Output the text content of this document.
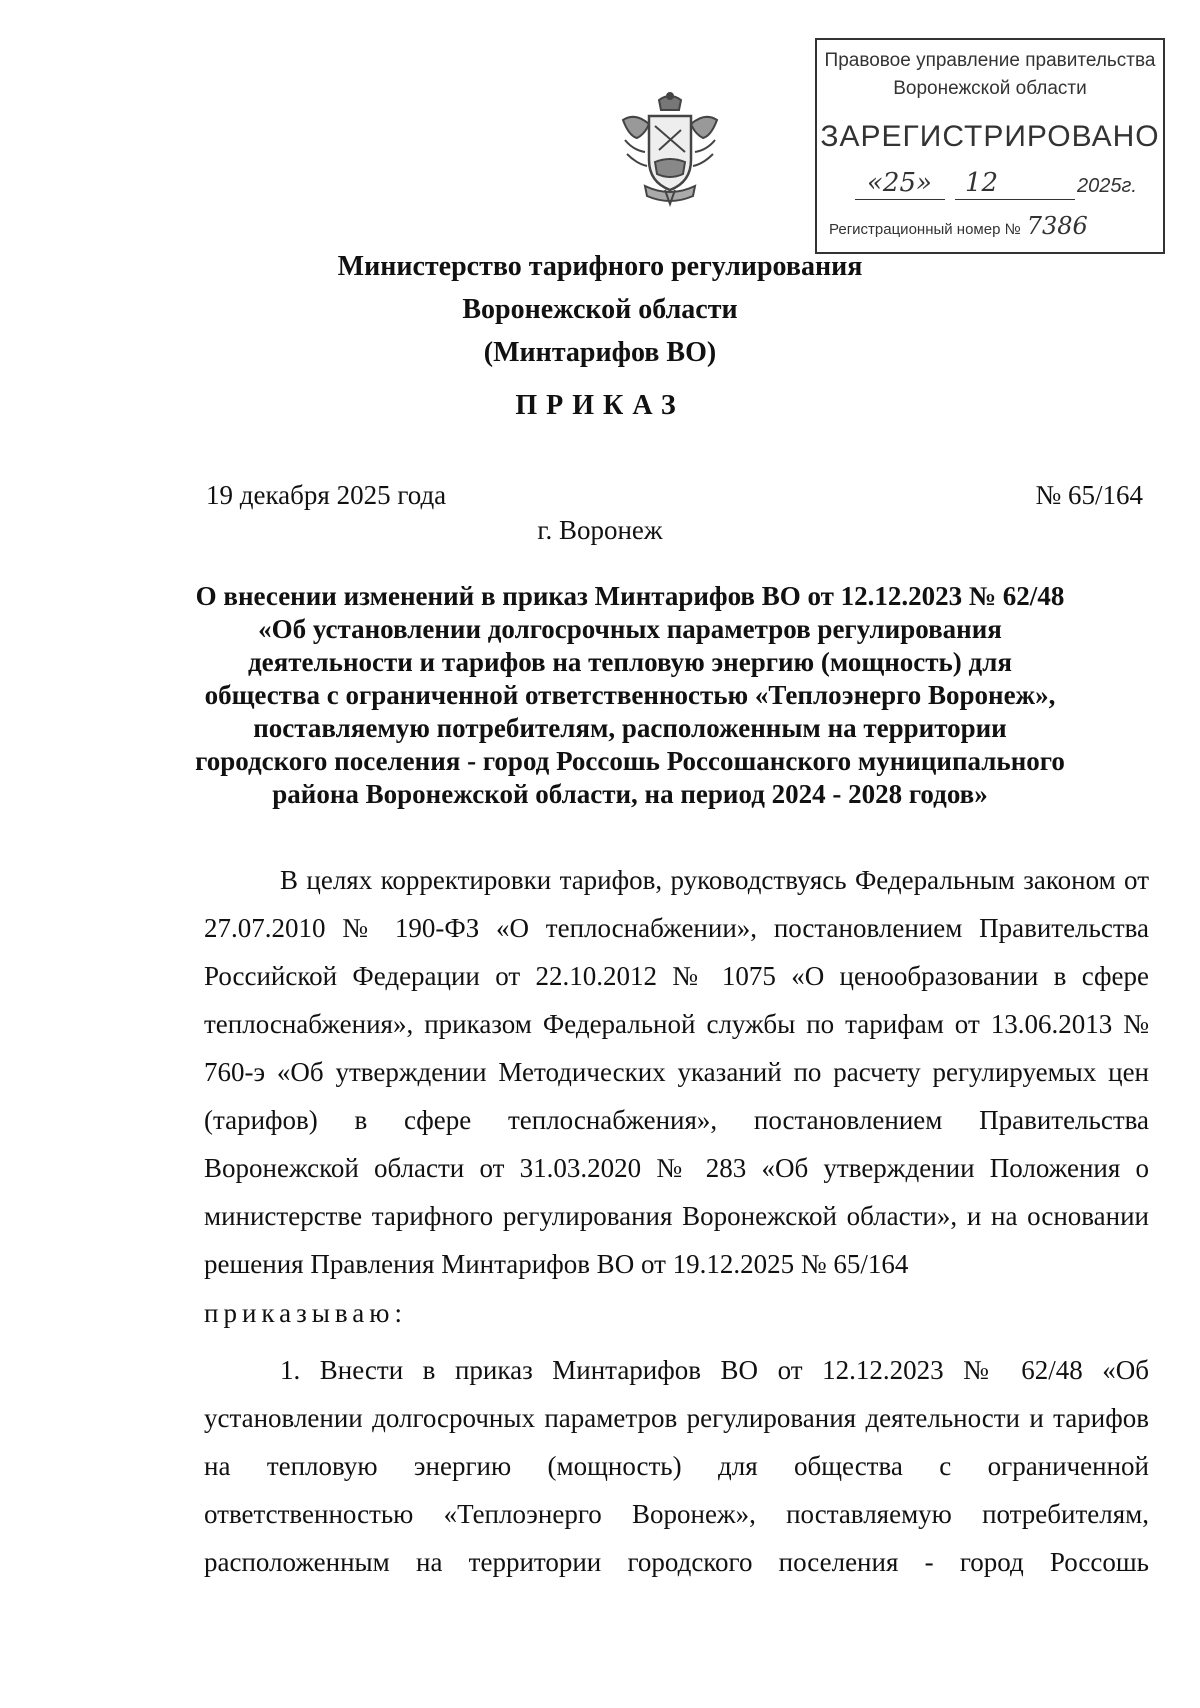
Правовое управление правительства
Воронежской области
ЗАРЕГИСТРИРОВАНО
«25» 12	2025г.
Регистрационный номер № 7386
Министерство тарифного регулирования
Воронежской области
(Минтарифов ВО)
ПРИКАЗ
19 декабря 2025 года	№ 65/164
г. Воронеж
О внесении изменений в приказ Минтарифов ВО от 12.12.2023 № 62/48 «Об установлении долгосрочных параметров регулирования деятельности и тарифов на тепловую энергию (мощность) для общества с ограниченной ответственностью «Теплоэнерго Воронеж», поставляемую потребителям, расположенным на территории городского поселения - город Россошь Россошанского муниципального района Воронежской области, на период 2024 - 2028 годов»
В целях корректировки тарифов, руководствуясь Федеральным законом от 27.07.2010 № 190-ФЗ «О теплоснабжении», постановлением Правительства Российской Федерации от 22.10.2012 № 1075 «О ценообразовании в сфере теплоснабжения», приказом Федеральной службы по тарифам от 13.06.2013 № 760-э «Об утверждении Методических указаний по расчету регулируемых цен (тарифов) в сфере теплоснабжения», постановлением Правительства Воронежской области от 31.03.2020 № 283 «Об утверждении Положения о министерстве тарифного регулирования Воронежской области», и на основании решения Правления Минтарифов ВО от 19.12.2025 № 65/164
приказываю:
1. Внести в приказ Минтарифов ВО от 12.12.2023 № 62/48 «Об установлении долгосрочных параметров регулирования деятельности и тарифов на тепловую энергию (мощность) для общества с ограниченной ответственностью «Теплоэнерго Воронеж», поставляемую потребителям, расположенным на территории городского поселения - город Россошь
